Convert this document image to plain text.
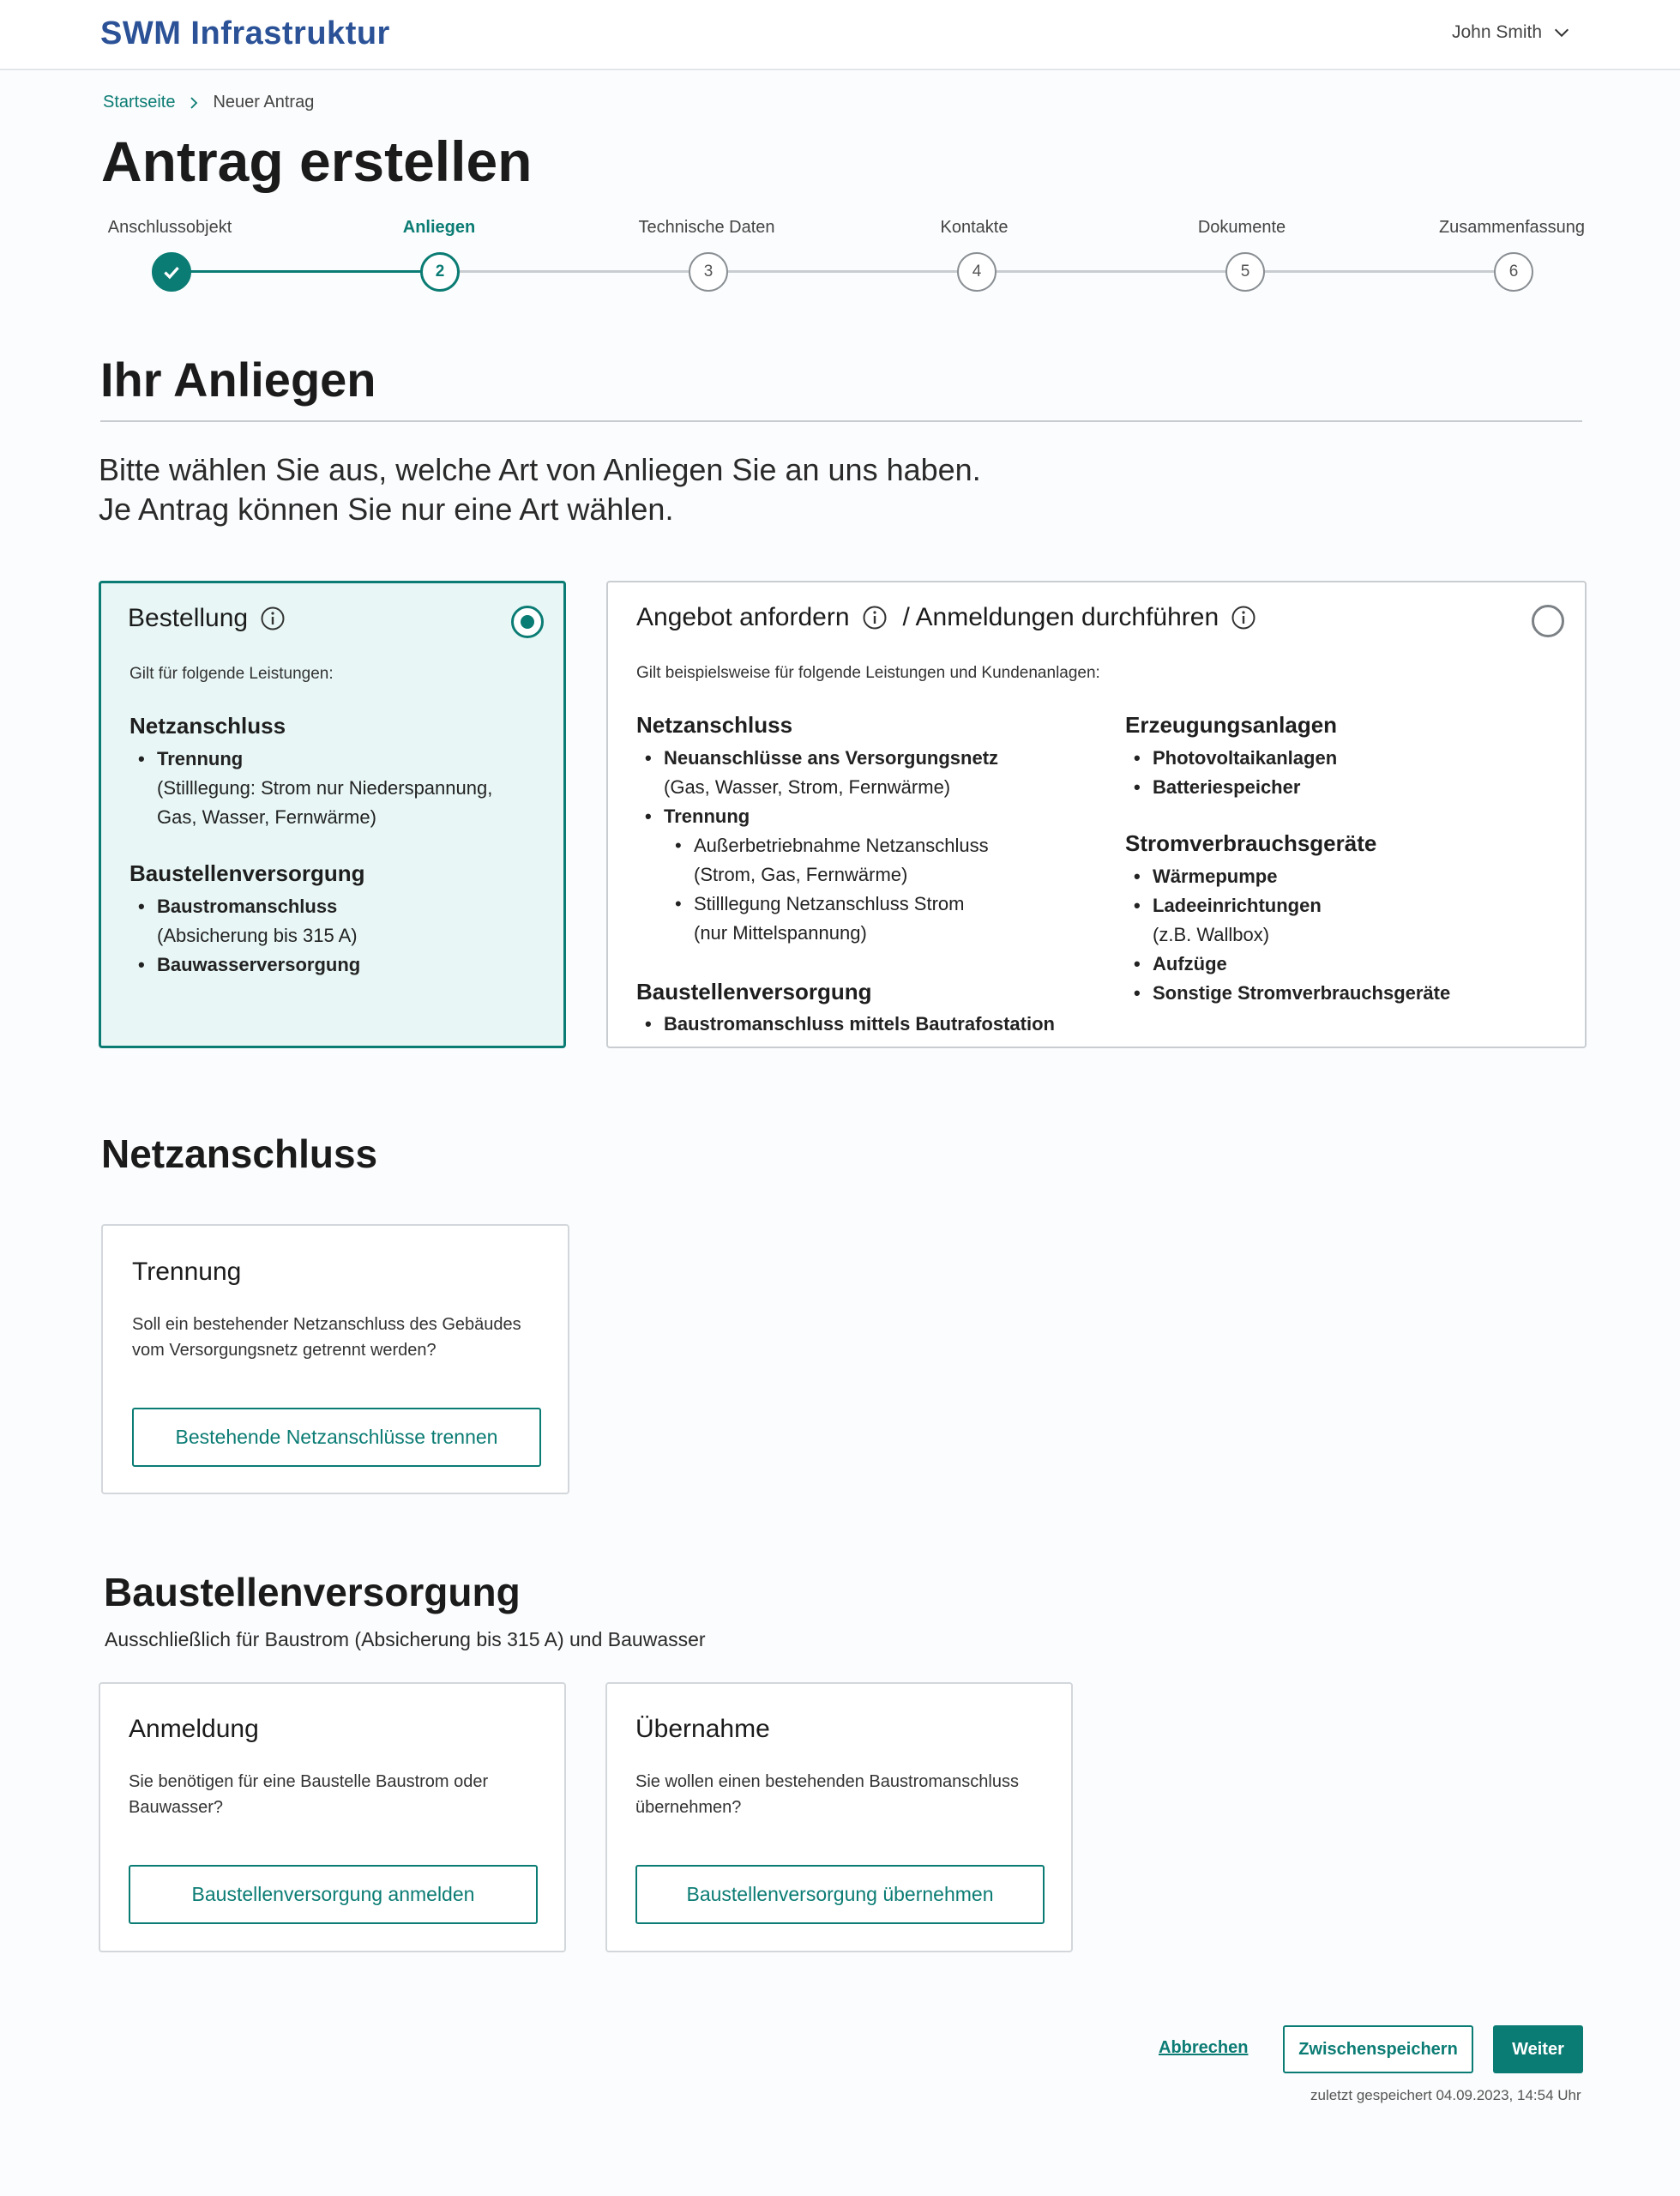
SWM Infrastruktur	John Smith
Startseite Neuer Antrag
Antrag erstellen
Anschlussobjekt	Anliegen	Technische Daten	Kontakte	Dokumente	Zusammenfassung
2	3	4	5	6
Ihr Anliegen

Bitte wählen Sie aus, welche Art von Anliegen Sie an uns haben.

Je Antrag können Sie nur eine Art wählen.

Bestellung
Gilt für folgende Leistungen:
Netzanschluss
• Trennung
(Stilllegung: Strom nur Niederspannung,
Gas, Wasser, Fernwärme)
Baustellenversorgung
• Baustromanschluss
(Absicherung bis 315 A)
• Bauwasserversorgung
Angebot anfordern / Anmeldungen durchführen
Gilt beispielsweise für folgende Leistungen und Kundenanlagen:
Netzanschluss
• Neuanschlüsse ans Versorgungsnetz
(Gas, Wasser, Strom, Fernwärme)
• Trennung
• Außerbetriebnahme Netzanschluss
(Strom, Gas, Fernwärme)
• Stilllegung Netzanschluss Strom
(nur Mittelspannung)
Baustellenversorgung
• Baustromanschluss mittels Bautrafostation
Erzeugungsanlagen
• Photovoltaikanlagen
• Batteriespeicher
Stromverbrauchsgeräte
• Wärmepumpe
• Ladeeinrichtungen
(z.B. Wallbox)
• Aufzüge
• Sonstige Stromverbrauchsgeräte
Netzanschluss
Trennung
Soll ein bestehender Netzanschluss des Gebäudes
vom Versorgungsnetz getrennt werden?
Bestehende Netzanschlüsse trennen
Baustellenversorgung
Ausschließlich für Baustrom (Absicherung bis 315 A) und Bauwasser
Anmeldung
Sie benötigen für eine Baustelle Baustrom oder
Bauwasser?
Baustellenversorgung anmelden
Übernahme
Sie wollen einen bestehenden Baustromanschluss
übernehmen?
Baustellenversorgung übernehmen
Abbrechen	Zwischenspeichern	Weiter
zuletzt gespeichert 04.09.2023, 14:54 Uhr
